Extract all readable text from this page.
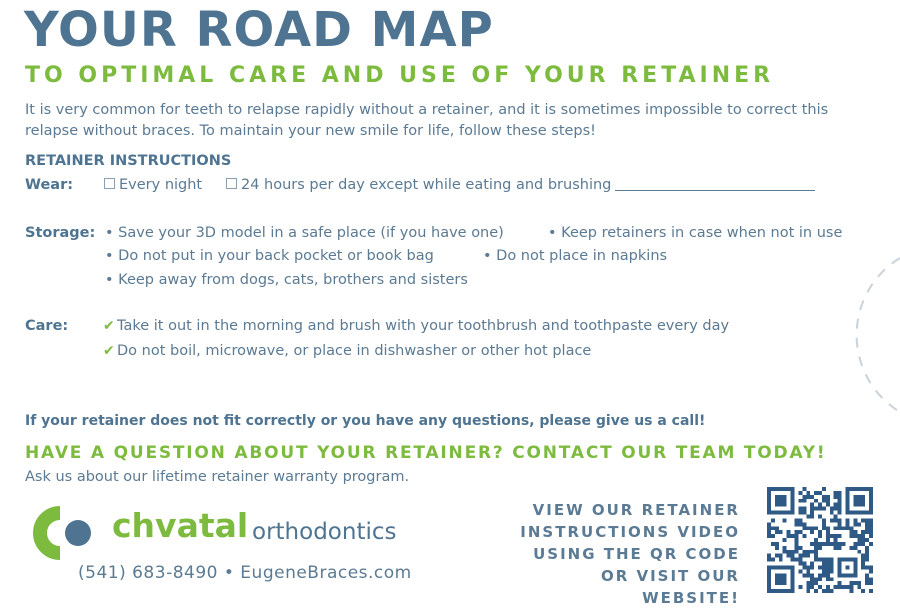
YOUR ROAD MAP
TO OPTIMAL CARE AND USE OF YOUR RETAINER
It is very common for teeth to relapse rapidly without a retainer, and it is sometimes impossible to correct this relapse without braces. To maintain your new smile for life, follow these steps!
RETAINER INSTRUCTIONS
Wear:	Every night	24 hours per day except while eating and brushing
Storage: • Save your 3D model in a safe place (if you have one)	• Keep retainers in case when not in use
• Do not put in your back pocket or book bag	• Do not place in napkins
• Keep away from dogs, cats, brothers and sisters
Care: ✔ Take it out in the morning and brush with your toothbrush and toothpaste every day
✔ Do not boil, microwave, or place in dishwasher or other hot place
If your retainer does not fit correctly or you have any questions, please give us a call!
HAVE A QUESTION ABOUT YOUR RETAINER? CONTACT OUR TEAM TODAY!
Ask us about our lifetime retainer warranty program.
chvatal orthodontics
(541) 683-8490 • EugeneBraces.com
VIEW OUR RETAINER
INSTRUCTIONS VIDEO
USING THE QR CODE
OR VISIT OUR WEBSITE!
